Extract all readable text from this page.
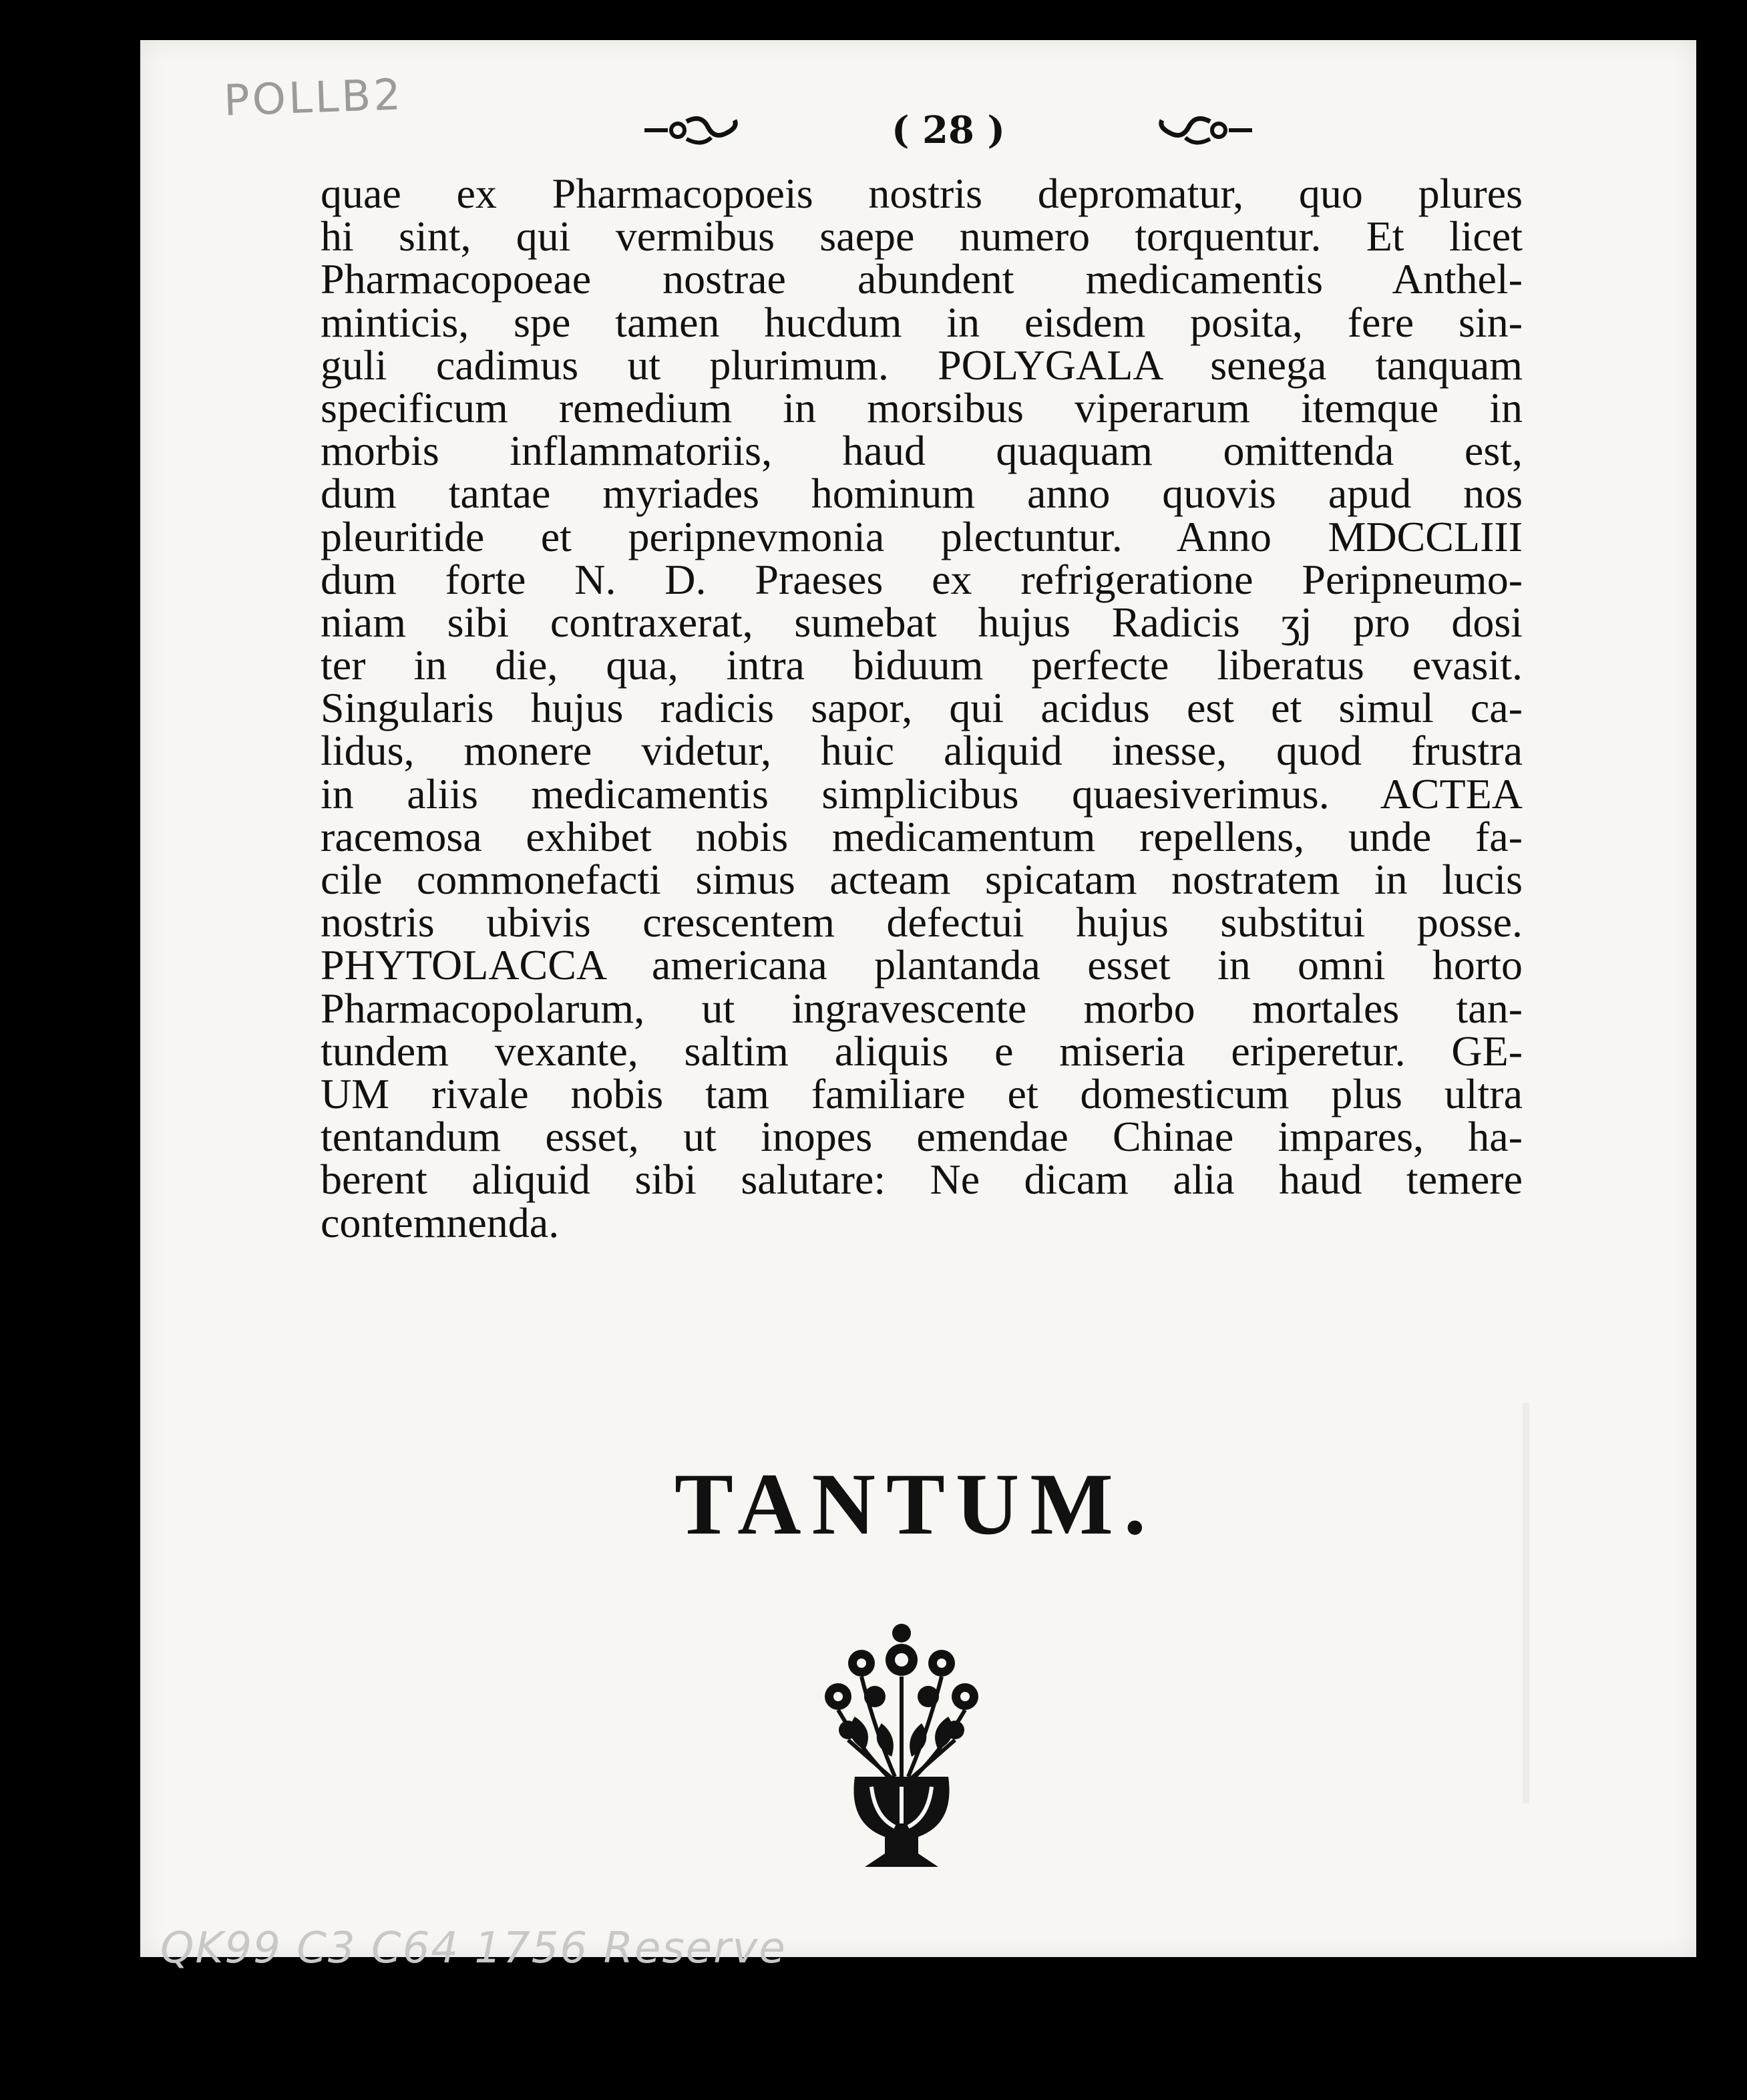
POLLB2
( 28 )
quae ex Pharmacopoeis nostris depromatur, quo plures
hi sint, qui vermibus saepe numero torquentur. Et licet
Pharmacopoeae nostrae abundent medicamentis Anthel-
minticis, spe tamen hucdum in eisdem posita, fere sin-
guli cadimus ut plurimum. POLYGALA senega tanquam
specificum remedium in morsibus viperarum itemque in
morbis inflammatoriis, haud quaquam omittenda est,
dum tantae myriades hominum anno quovis apud nos
pleuritide et peripnevmonia plectuntur. Anno MDCCLIII
dum forte N. D. Praeses ex refrigeratione Peripneumo-
niam sibi contraxerat, sumebat hujus Radicis ʒj pro dosi
ter in die, qua, intra biduum perfecte liberatus evasit.
Singularis hujus radicis sapor, qui acidus est et simul ca-
lidus, monere videtur, huic aliquid inesse, quod frustra
in aliis medicamentis simplicibus quaesiverimus. ACTEA
racemosa exhibet nobis medicamentum repellens, unde fa-
cile commonefacti simus acteam spicatam nostratem in lucis
nostris ubivis crescentem defectui hujus substitui posse.
PHYTOLACCA americana plantanda esset in omni horto
Pharmacopolarum, ut ingravescente morbo mortales tan-
tundem vexante, saltim aliquis e miseria eriperetur. GE-
UM rivale nobis tam familiare et domesticum plus ultra
tentandum esset, ut inopes emendae Chinae impares, ha-
berent aliquid sibi salutare: Ne dicam alia haud temere
contemnenda.
TANTUM.
QK99 C3 C64 1756 Reserve
